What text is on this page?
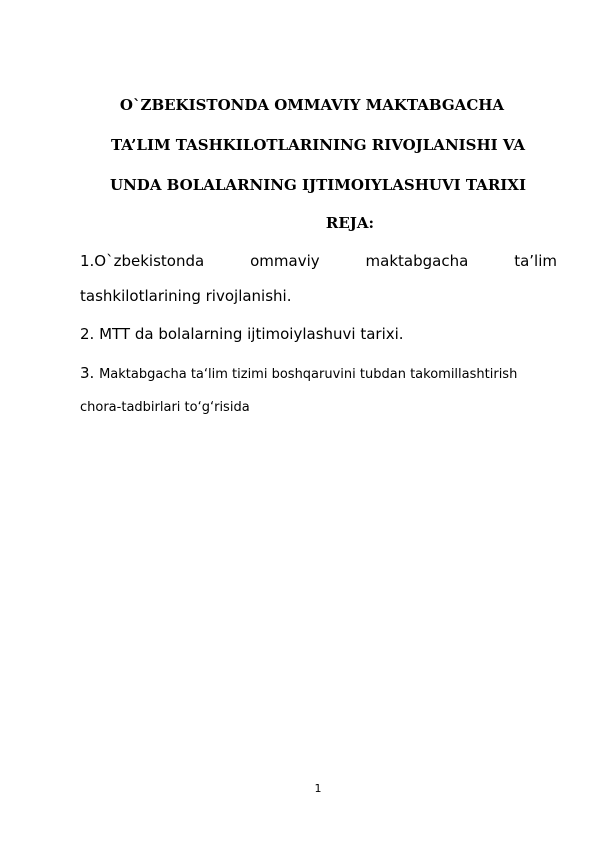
O`ZBEKISTONDA OMMAVIY MAKTABGACHA

TA’LIM TASHKILOTLARINING RIVOJLANISHI VA

UNDA BOLALARNING IJTIMOIYLASHUVI TARIXI

REJA:

1.O`zbekistonda	ommaviy	maktabgacha	ta’lim

tashkilotlarining rivojlanishi.

2. MTT da bolalarning ijtimoiylashuvi tarixi.

3. Maktabgacha ta‘lim tizimi boshqaruvini tubdan takomillashtirish

chora-tadbirlari to‘g‘risida

1
